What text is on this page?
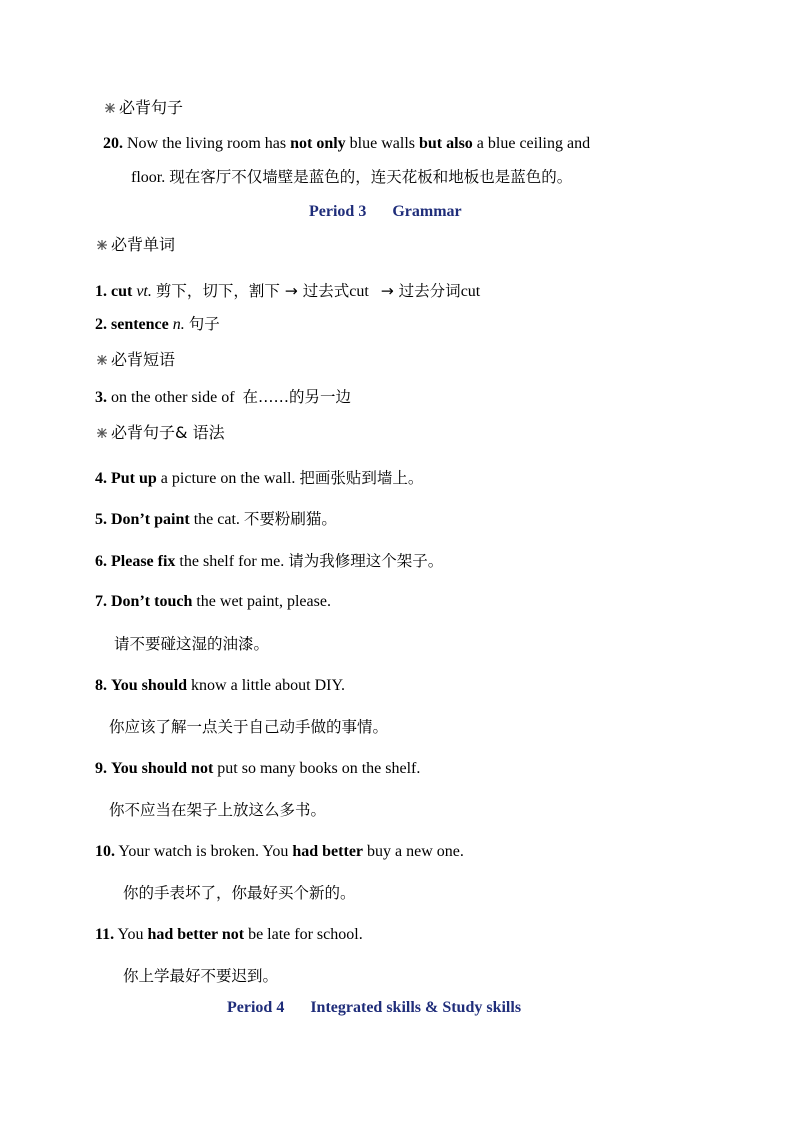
必背句子
20. Now the living room has not only blue walls but also a blue ceiling and
floor. 现在客厅不仅墙壁是蓝色的，连天花板和地板也是蓝色的。
Period 3 Grammar
必背单词
1. cut vt. 剪下，切下，割下 → 过去式cut → 过去分词cut
2. sentence n. 句子
必背短语
3. on the other side of 在……的另一边
必背句子& 语法
4. Put up a picture on the wall. 把画张贴到墙上。
5. Don’t paint the cat. 不要粉刷猫。
6. Please fix the shelf for me. 请为我修理这个架子。
7. Don’t touch the wet paint, please.
请不要碰这湿的油漆。
8. You should know a little about DIY.
你应该了解一点关于自己动手做的事情。
9. You should not put so many books on the shelf.
你不应当在架子上放这么多书。
10. Your watch is broken. You had better buy a new one.
你的手表坏了，你最好买个新的。
11. You had better not be late for school.
你上学最好不要迟到。
Period 4 Integrated skills & Study skills
